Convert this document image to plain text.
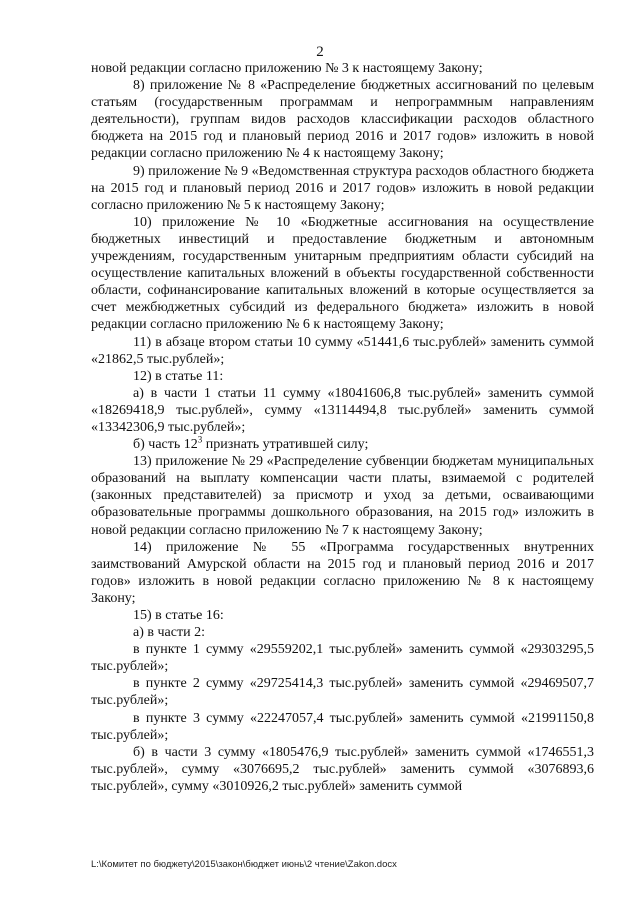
2

новой редакции согласно приложению № 3 к настоящему Закону;

8) приложение № 8 «Распределение бюджетных ассигнований по целевым статьям (государственным программам и непрограммным направлениям деятельности), группам видов расходов классификации расходов областного бюджета на 2015 год и плановый период 2016 и 2017 годов» изложить в новой редакции согласно приложению № 4 к настоящему Закону;

9) приложение № 9 «Ведомственная структура расходов областного бюджета на 2015 год и плановый период 2016 и 2017 годов» изложить в новой редакции согласно приложению № 5 к настоящему Закону;

10) приложение № 10 «Бюджетные ассигнования на осуществление бюджетных инвестиций и предоставление бюджетным и автономным учреждениям, государственным унитарным предприятиям области субсидий на осуществление капитальных вложений в объекты государственной собственности области, софинансирование капитальных вложений в которые осуществляется за счет межбюджетных субсидий из федерального бюджета» изложить в новой редакции согласно приложению № 6 к настоящему Закону;

11) в абзаце втором статьи 10 сумму «51441,6 тыс.рублей» заменить суммой «21862,5 тыс.рублей»;

12) в статье 11:

а) в части 1 статьи 11 сумму «18041606,8 тыс.рублей» заменить суммой «18269418,9 тыс.рублей», сумму «13114494,8 тыс.рублей» заменить суммой «13342306,9 тыс.рублей»;

б) часть $12^3$ признать утратившей силу;

13) приложение № 29 «Распределение субвенции бюджетам муниципальных образований на выплату компенсации части платы, взимаемой с родителей (законных представителей) за присмотр и уход за детьми, осваивающими образовательные программы дошкольного образования, на 2015 год» изложить в новой редакции согласно приложению № 7 к настоящему Закону;

14) приложение № 55 «Программа государственных внутренних заимствований Амурской области на 2015 год и плановый период 2016 и 2017 годов» изложить в новой редакции согласно приложению № 8 к настоящему Закону;

15) в статье 16:

а) в части 2:

в пункте 1 сумму «29559202,1 тыс.рублей» заменить суммой «29303295,5 тыс.рублей»;

в пункте 2 сумму «29725414,3 тыс.рублей» заменить суммой «29469507,7 тыс.рублей»;

в пункте 3 сумму «22247057,4 тыс.рублей» заменить суммой «21991150,8 тыс.рублей»;

б) в части 3 сумму «1805476,9 тыс.рублей» заменить суммой «1746551,3 тыс.рублей», сумму «3076695,2 тыс.рублей» заменить суммой «3076893,6 тыс.рублей», сумму «3010926,2 тыс.рублей» заменить суммой

L:\Комитет по бюджету\2015\закон\бюджет июнь\2 чтение\Zakon.docx
